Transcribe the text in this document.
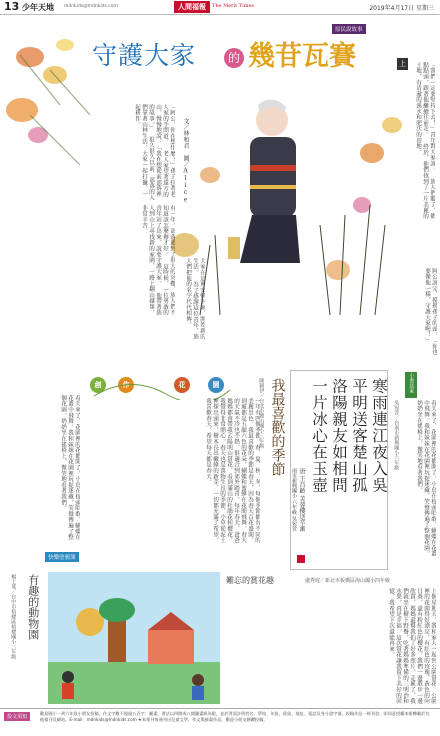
13 少年天地 mdnkids@mdnkids.com	人間福報	The Merit Times	2019年4月17日 星期三
原民說故事
守護大家	的 幾苷瓦賽	上
文／林和君　圖／Alice
「阿公，你在想什麼？」孫子拉著老人家的手問道。 老人家望著遠方的山，慢慢地說：「我在想從前部落裡的故事。」 很久很久以前，部落的人們靠著山林生活，大家一起打獵、一起耕作。
有一年，部落遇到了很大的災難，族人們不知道該怎麼辦才好。 這時候，一位勇敢的青年站了出來，說要守護大家。 他帶著族人到山上尋找新的家園，一路上翻山越嶺，非常辛苦。
「我們一定要堅持下去！」青年對大家說。 族人們聽了，都點點頭，跟著他繼續往前走。 終於，他們找到了一片美麗的土地，有清澈的溪水和肥沃的田地。
大家在這裡安頓下來，開始新的生活。 為了感謝這位青年，族人們把他的名字代代相傳。	阿公說完，摸摸孫子的頭：「你也要像他一樣，守護大家喔！」
創	作	花	園
春天來了，花園裡的花都開了，小鳥在枝頭唱歌，蝴蝶在花叢中飛舞。我和妹妹在花園裡玩捉迷藏，笑聲傳遍了整個花園。奶奶坐在搖椅上，微笑地看著我們。	一年有四個季節，春、夏、秋、冬，每個季節都有不同的美麗景色。我最喜歡的季節是春天，因為春天百花盛開，到處都是五顏六色的花朵，蝴蝶和蜜蜂在花間飛舞。春天的天氣不冷也不熱，很適合到郊外踏青。每年春天，爸爸媽媽都會帶我去陽明山賞花，看到滿山的杜鵑花和櫻花，我覺得非常開心。春天也是萬物生長的季節，小草從泥土裡探出頭來，樹木長出嫩綠的新芽，一切都充滿了希望。我喜歡春天，希望每天都是春天。	我最喜歡的季節
陳穎伊／台北市麗山國小三年級	寒雨連江夜入吳
平明送客楚山孤
洛陽親友如相問
一片冰心在玉壺
唐 王昌齡 芙蓉樓送辛漸
南市新興國小 六年級 吳宛萱
小書法家
吳宛萱／台南市新興國小六年級	春天來了，花園裡的花都開了，小鳥在枝頭唱歌，蝴蝶在花叢中飛舞。我和妹妹在花園裡玩捉迷藏，笑聲傳遍了整個花園。奶奶坐在搖椅上，微笑地看著我們。
快樂塗鴉簿
有趣的動物園
楊士瑤／台中市梧棲區梧棲國小二年級	難忘的賞花趣	盧秀庭／新北市板橋區海山國小四年級
上個星期天，我和家人一起到公園賞花。公園裡的花開得好漂亮，有紅色的玫瑰、黃色的向日葵，還有粉紅色的櫻花。我們一邊散步一邊欣賞，媽媽還幫我拍了好多照片。走累了，我們就坐在樹下野餐，吃著媽媽準備的三明治和水果，真是幸福。這次賞花讓我留下美好的回憶，我希望下次還能再來。
投文須知
歡迎國小一到六年級小朋友投稿，作文字數不超過五百字；圖畫，書法以四開或八開圖畫紙為限，並於背面註明姓名、學校、年級、班級、地址、電話及身分證字號。投稿作品一經刊登，即同意授權本報轉載於其他報刊及網站。E-mail：mdnkids@mdnkids.com ★本專刊每週刊出兒童文學、作文與繪畫作品，歡迎小朋友踴躍投稿。
